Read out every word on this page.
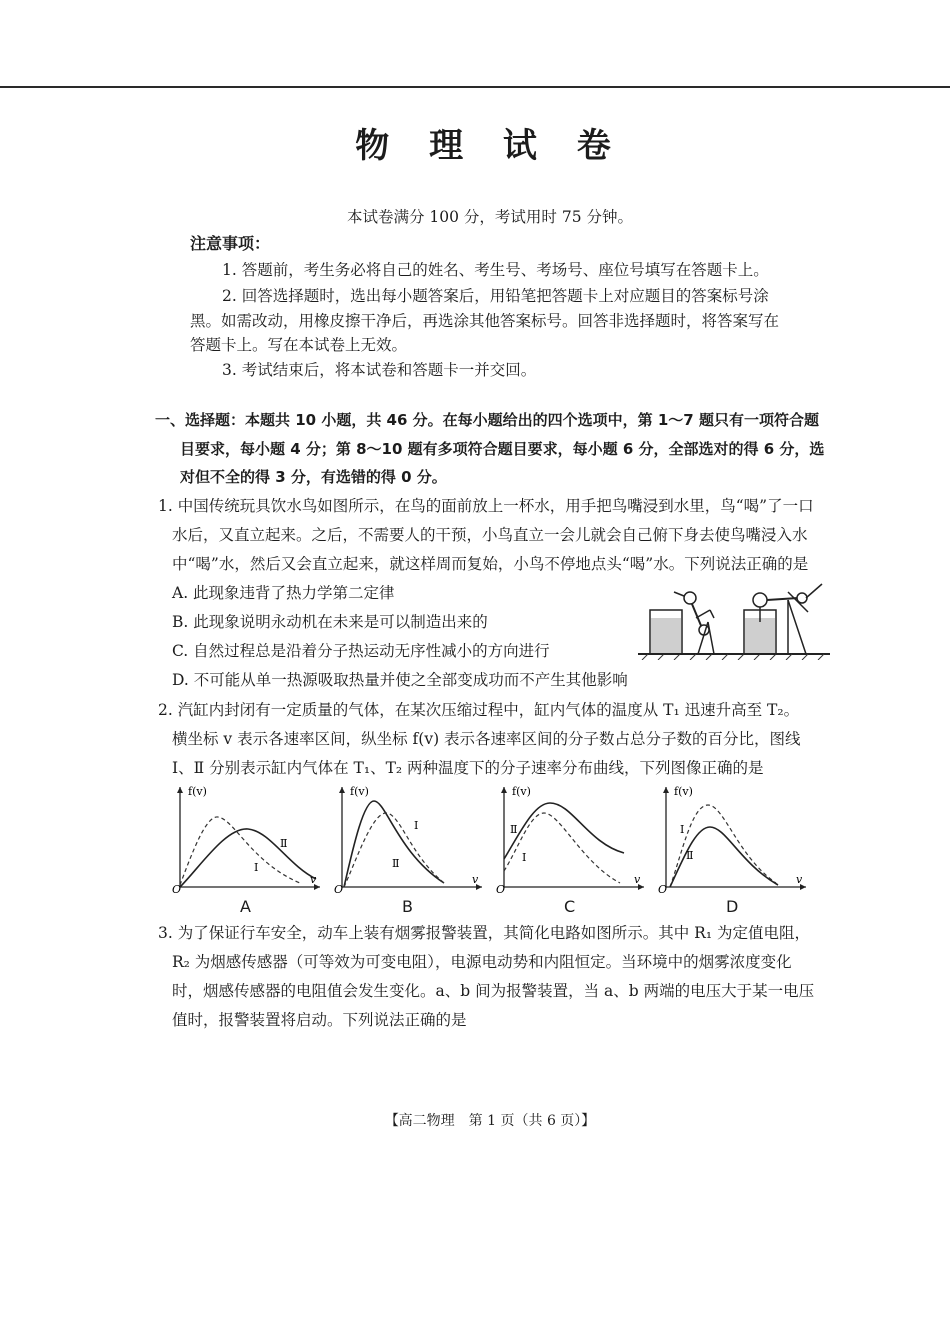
物 理 试 卷
本试卷满分 100 分，考试用时 75 分钟。
注意事项：
1. 答题前，考生务必将自己的姓名、考生号、考场号、座位号填写在答题卡上。
2. 回答选择题时，选出每小题答案后，用铅笔把答题卡上对应题目的答案标号涂
黑。如需改动，用橡皮擦干净后，再选涂其他答案标号。回答非选择题时，将答案写在
答题卡上。写在本试卷上无效。
3. 考试结束后，将本试卷和答题卡一并交回。
一、选择题：本题共 10 小题，共 46 分。在每小题给出的四个选项中，第 1～7 题只有一项符合题
目要求，每小题 4 分；第 8～10 题有多项符合题目要求，每小题 6 分，全部选对的得 6 分，选
对但不全的得 3 分，有选错的得 0 分。
1. 中国传统玩具饮水鸟如图所示，在鸟的面前放上一杯水，用手把鸟嘴浸到水里，鸟“喝”了一口
水后，又直立起来。之后，不需要人的干预，小鸟直立一会儿就会自己俯下身去使鸟嘴浸入水
中“喝”水，然后又会直立起来，就这样周而复始，小鸟不停地点头“喝”水。下列说法正确的是
A. 此现象违背了热力学第二定律
B. 此现象说明永动机在未来是可以制造出来的
C. 自然过程总是沿着分子热运动无序性减小的方向进行
D. 不可能从单一热源吸取热量并使之全部变成功而不产生其他影响
2. 汽缸内封闭有一定质量的气体，在某次压缩过程中，缸内气体的温度从 T₁ 迅速升高至 T₂。
横坐标 v 表示各速率区间，纵坐标 f(v) 表示各速率区间的分子数占总分子数的百分比，图线
Ⅰ、Ⅱ 分别表示缸内气体在 T₁、T₂ 两种温度下的分子速率分布曲线，下列图像正确的是
f(v)
v
O
Ⅱ
Ⅰ
A
f(v)
v
O
Ⅰ
Ⅱ
B
f(v)
v
O
Ⅱ
Ⅰ
C
f(v)
v
O
Ⅰ
Ⅱ
D
3. 为了保证行车安全，动车上装有烟雾报警装置，其简化电路如图所示。其中 R₁ 为定值电阻，
R₂ 为烟感传感器（可等效为可变电阻），电源电动势和内阻恒定。当环境中的烟雾浓度变化
时，烟感传感器的电阻值会发生变化。a、b 间为报警装置，当 a、b 两端的电压大于某一电压
值时，报警装置将启动。下列说法正确的是
【高二物理　第 1 页（共 6 页）】
